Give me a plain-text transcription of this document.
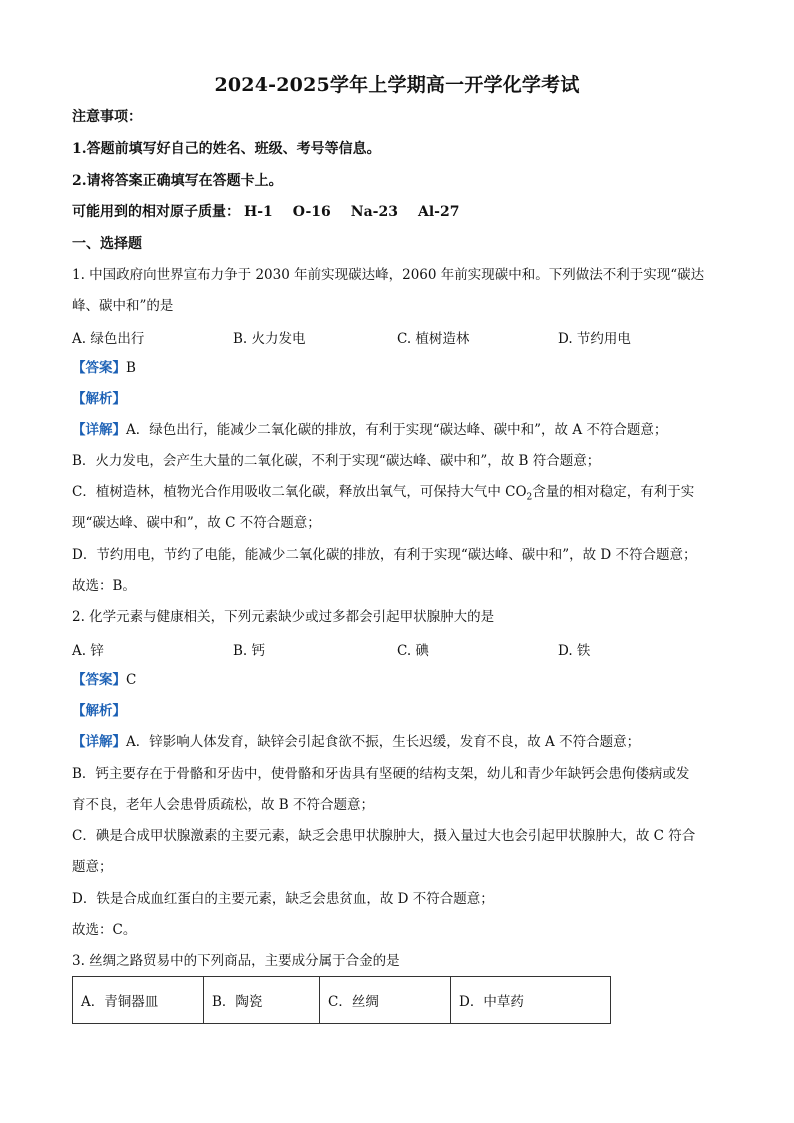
2024-2025学年上学期高一开学化学考试
注意事项：
1.答题前填写好自己的姓名、班级、考号等信息。
2.请将答案正确填写在答题卡上。
可能用到的相对原子质量： H-1 O-16 Na-23 Al-27
一、选择题
1. 中国政府向世界宣布力争于 2030 年前实现碳达峰，2060 年前实现碳中和。下列做法不利于实现“碳达
峰、碳中和”的是
A. 绿色出行	B. 火力发电	C. 植树造林	D. 节约用电
【答案】B
【解析】
【详解】A．绿色出行，能减少二氧化碳的排放，有利于实现“碳达峰、碳中和”，故 A 不符合题意；
B．火力发电，会产生大量的二氧化碳，不利于实现“碳达峰、碳中和”，故 B 符合题意；
C．植树造林，植物光合作用吸收二氧化碳，释放出氧气，可保持大气中 $CO_2$含量的相对稳定，有利于实
现“碳达峰、碳中和”，故 C 不符合题意；
D．节约用电，节约了电能，能减少二氧化碳的排放，有利于实现“碳达峰、碳中和”，故 D 不符合题意；
故选：B。
2. 化学元素与健康相关，下列元素缺少或过多都会引起甲状腺肿大的是
A. 锌	B. 钙	C. 碘	D. 铁
【答案】C
【解析】
【详解】A．锌影响人体发育，缺锌会引起食欲不振，生长迟缓，发育不良，故 A 不符合题意；
B．钙主要存在于骨骼和牙齿中，使骨骼和牙齿具有坚硬的结构支架，幼儿和青少年缺钙会患佝偻病或发
育不良，老年人会患骨质疏松，故 B 不符合题意；
C．碘是合成甲状腺激素的主要元素，缺乏会患甲状腺肿大，摄入量过大也会引起甲状腺肿大，故 C 符合
题意；
D．铁是合成血红蛋白的主要元素，缺乏会患贫血，故 D 不符合题意；
故选：C。
3. 丝绸之路贸易中的下列商品，主要成分属于合金的是
A．青铜器皿	B．陶瓷	C．丝绸	D．中草药
